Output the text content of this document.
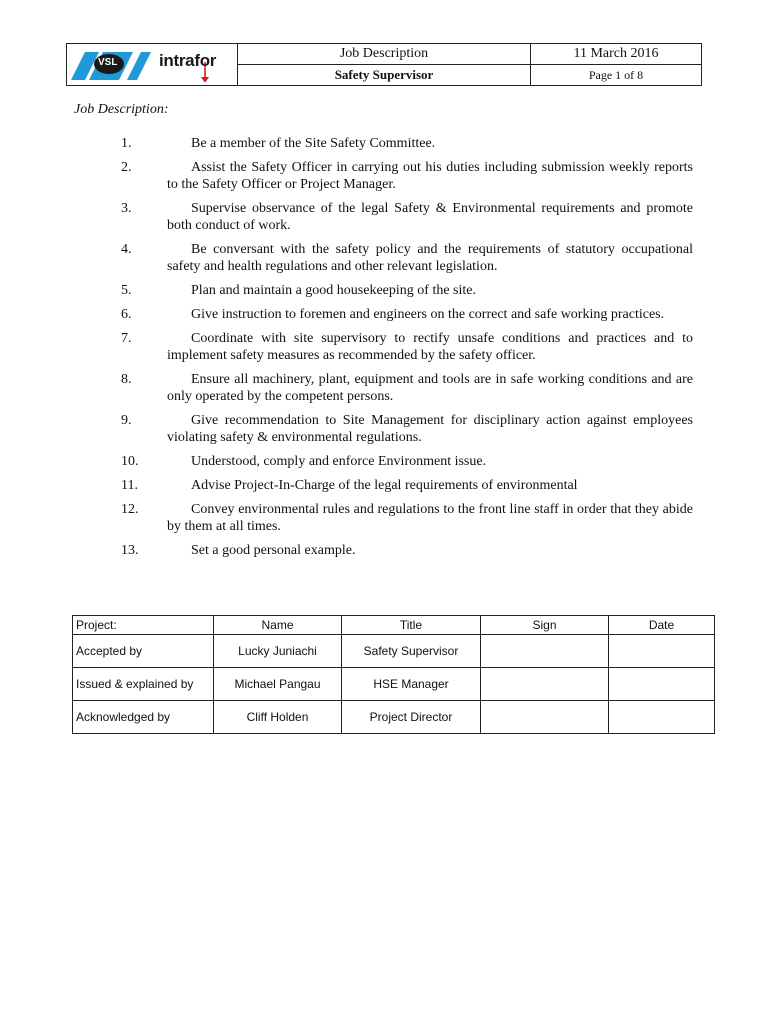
VSL intrafor	Job Description	11 March 2016
	Safety Supervisor	Page 1 of 8
Job Description:
1.	Be a member of the Site Safety Committee.
2.	Assist the Safety Officer in carrying out his duties including submission weekly reports to the Safety Officer or Project Manager.
3.	Supervise observance of the legal Safety & Environmental requirements and promote both conduct of work.
4.	Be conversant with the safety policy and the requirements of statutory occupational safety and health regulations and other relevant legislation.
5.	Plan and maintain a good housekeeping of the site.
6.	Give instruction to foremen and engineers on the correct and safe working practices.
7.	Coordinate with site supervisory to rectify unsafe conditions and practices and to implement safety measures as recommended by the safety officer.
8.	Ensure all machinery, plant, equipment and tools are in safe working conditions and are only operated by the competent persons.
9.	Give recommendation to Site Management for disciplinary action against employees violating safety & environmental regulations.
10.	Understood, comply and enforce Environment issue.
11.	Advise Project-In-Charge of the legal requirements of environmental
12.	Convey environmental rules and regulations to the front line staff in order that they abide by them at all times.
13.	Set a good personal example.
Project:	Name	Title	Sign	Date
Accepted by	Lucky Juniachi	Safety Supervisor		
Issued & explained by	Michael Pangau	HSE Manager		
Acknowledged by	Cliff Holden	Project Director		
